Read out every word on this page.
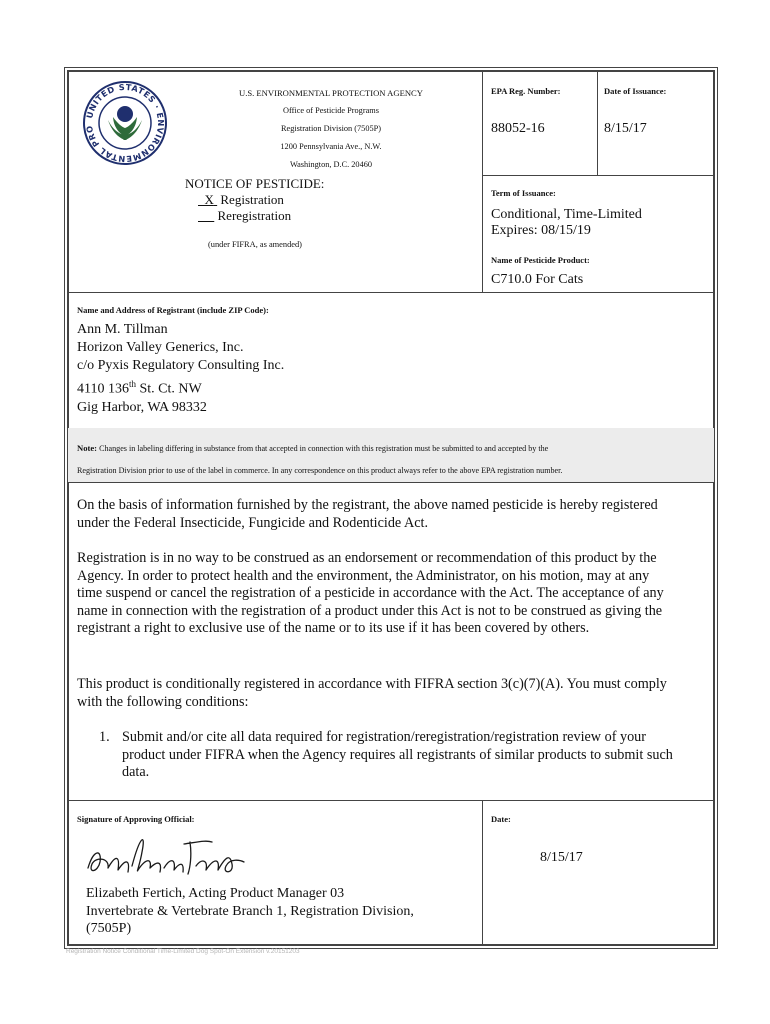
UNITED STATES · ENVIRONMENTAL PRO
U.S. ENVIRONMENTAL PROTECTION AGENCY
Office of Pesticide Programs
Registration Division (7505P)
1200 Pennsylvania Ave., N.W.
Washington, D.C. 20460
NOTICE OF PESTICIDE:
X Registration
Reregistration
(under FIFRA, as amended)
EPA Reg. Number:
88052-16
Date of Issuance:
8/15/17
Term of Issuance:
Conditional, Time-Limited
Expires: 08/15/19
Name of Pesticide Product:
C710.0 For Cats
Name and Address of Registrant (include ZIP Code):
Ann M. Tillman
Horizon Valley Generics, Inc.
c/o Pyxis Regulatory Consulting Inc.
4110 136th St. Ct. NW
Gig Harbor, WA 98332
Note: Changes in labeling differing in substance from that accepted in connection with this registration must be submitted to and accepted by the
Registration Division prior to use of the label in commerce. In any correspondence on this product always refer to the above EPA registration number.
On the basis of information furnished by the registrant, the above named pesticide is hereby registered
under the Federal Insecticide, Fungicide and Rodenticide Act.
Registration is in no way to be construed as an endorsement or recommendation of this product by the
Agency. In order to protect health and the environment, the Administrator, on his motion, may at any
time suspend or cancel the registration of a pesticide in accordance with the Act. The acceptance of any
name in connection with the registration of a product under this Act is not to be construed as giving the
registrant a right to exclusive use of the name or to its use if it has been covered by others.
This product is conditionally registered in accordance with FIFRA section 3(c)(7)(A). You must comply
with the following conditions:
1. Submit and/or cite all data required for registration/reregistration/registration review of your
product under FIFRA when the Agency requires all registrants of similar products to submit such
data.
Signature of Approving Official:
Elizabeth Fertich, Acting Product Manager 03
Invertebrate & Vertebrate Branch 1, Registration Division,
(7505P)
Date:
8/15/17
Registration Notice Conditional Time-Limited Dog Spot-On Extension v.20151203
